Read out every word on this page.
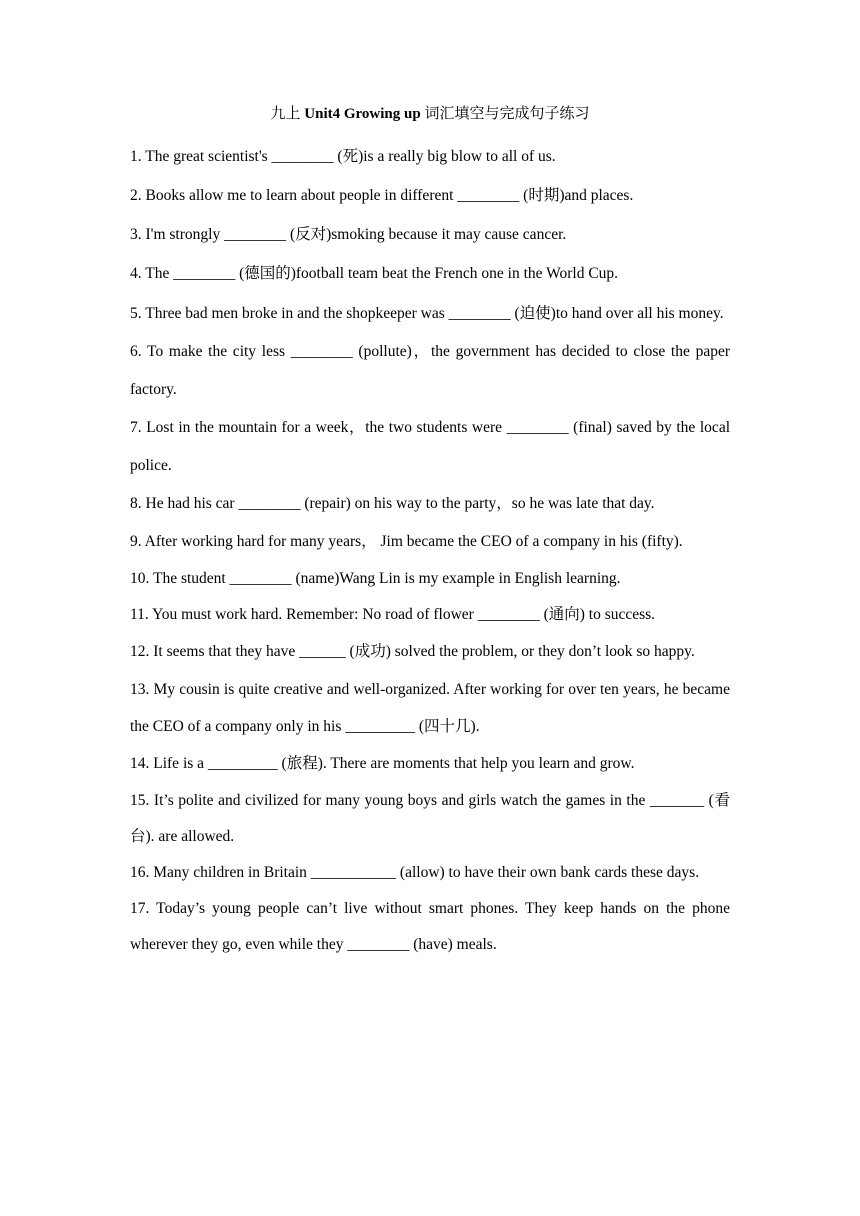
九上 Unit4 Growing up 词汇填空与完成句子练习

1. The great scientist's ________ (死)is a really big blow to all of us.

2. Books allow me to learn about people in different ________ (时期)and places.

3. I'm strongly ________ (反对)smoking because it may cause cancer.

4. The ________ (德国的)football team beat the French one in the World Cup.

5. Three bad men broke in and the shopkeeper was ________ (迫使)to hand over all his money.

6. To make the city less ________ (pollute)，the government has decided to close the paper factory.

7. Lost in the mountain for a week，the two students were ________ (final) saved by the local police.

8. He had his car ________ (repair) on his way to the party，so he was late that day.

9. After working hard for many years， Jim became the CEO of a company in his (fifty).

10. The student ________ (name)Wang Lin is my example in English learning.

11. You must work hard. Remember: No road of flower ________ (通向) to success.

12. It seems that they have ______ (成功) solved the problem, or they don’t look so happy.

13. My cousin is quite creative and well-organized. After working for over ten years, he became the CEO of a company only in his _________ (四十几).

14. Life is a _________ (旅程). There are moments that help you learn and grow.

15. It’s polite and civilized for many young boys and girls watch the games in the _______ (看台). are allowed.

16. Many children in Britain ___________ (allow) to have their own bank cards these days.

17. Today’s young people can’t live without smart phones. They keep hands on the phone wherever they go, even while they ________ (have) meals.
